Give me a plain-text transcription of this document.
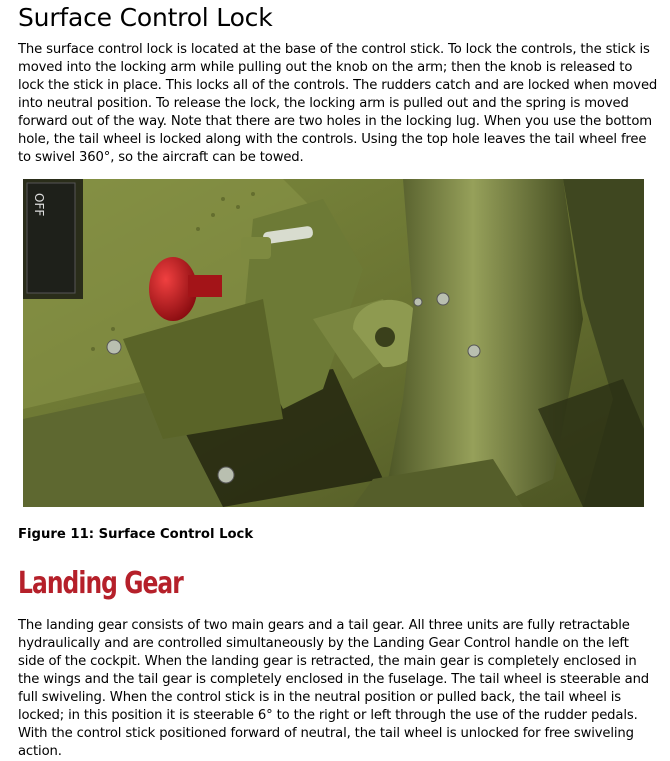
Surface Control Lock

The surface control lock is located at the base of the control stick. To lock the controls, the stick is moved into the locking arm while pulling out the knob on the arm; then the knob is released to lock the stick in place. This locks all of the controls. The rudders catch and are locked when moved into neutral position. To release the lock, the locking arm is pulled out and the spring is moved forward out of the way. Note that there are two holes in the locking lug. When you use the bottom hole, the tail wheel is locked along with the controls. Using the top hole leaves the tail wheel free to swivel 360°, so the aircraft can be towed.

OFF

Figure 11: Surface Control Lock

Landing Gear

The landing gear consists of two main gears and a tail gear. All three units are fully retractable hydraulically and are controlled simultaneously by the Landing Gear Control handle on the left side of the cockpit. When the landing gear is retracted, the main gear is completely enclosed in the wings and the tail gear is completely enclosed in the fuselage. The tail wheel is steerable and full swiveling. When the control stick is in the neutral position or pulled back, the tail wheel is locked; in this position it is steerable 6° to the right or left through the use of the rudder pedals. With the control stick positioned forward of neutral, the tail wheel is unlocked for free swiveling action.
